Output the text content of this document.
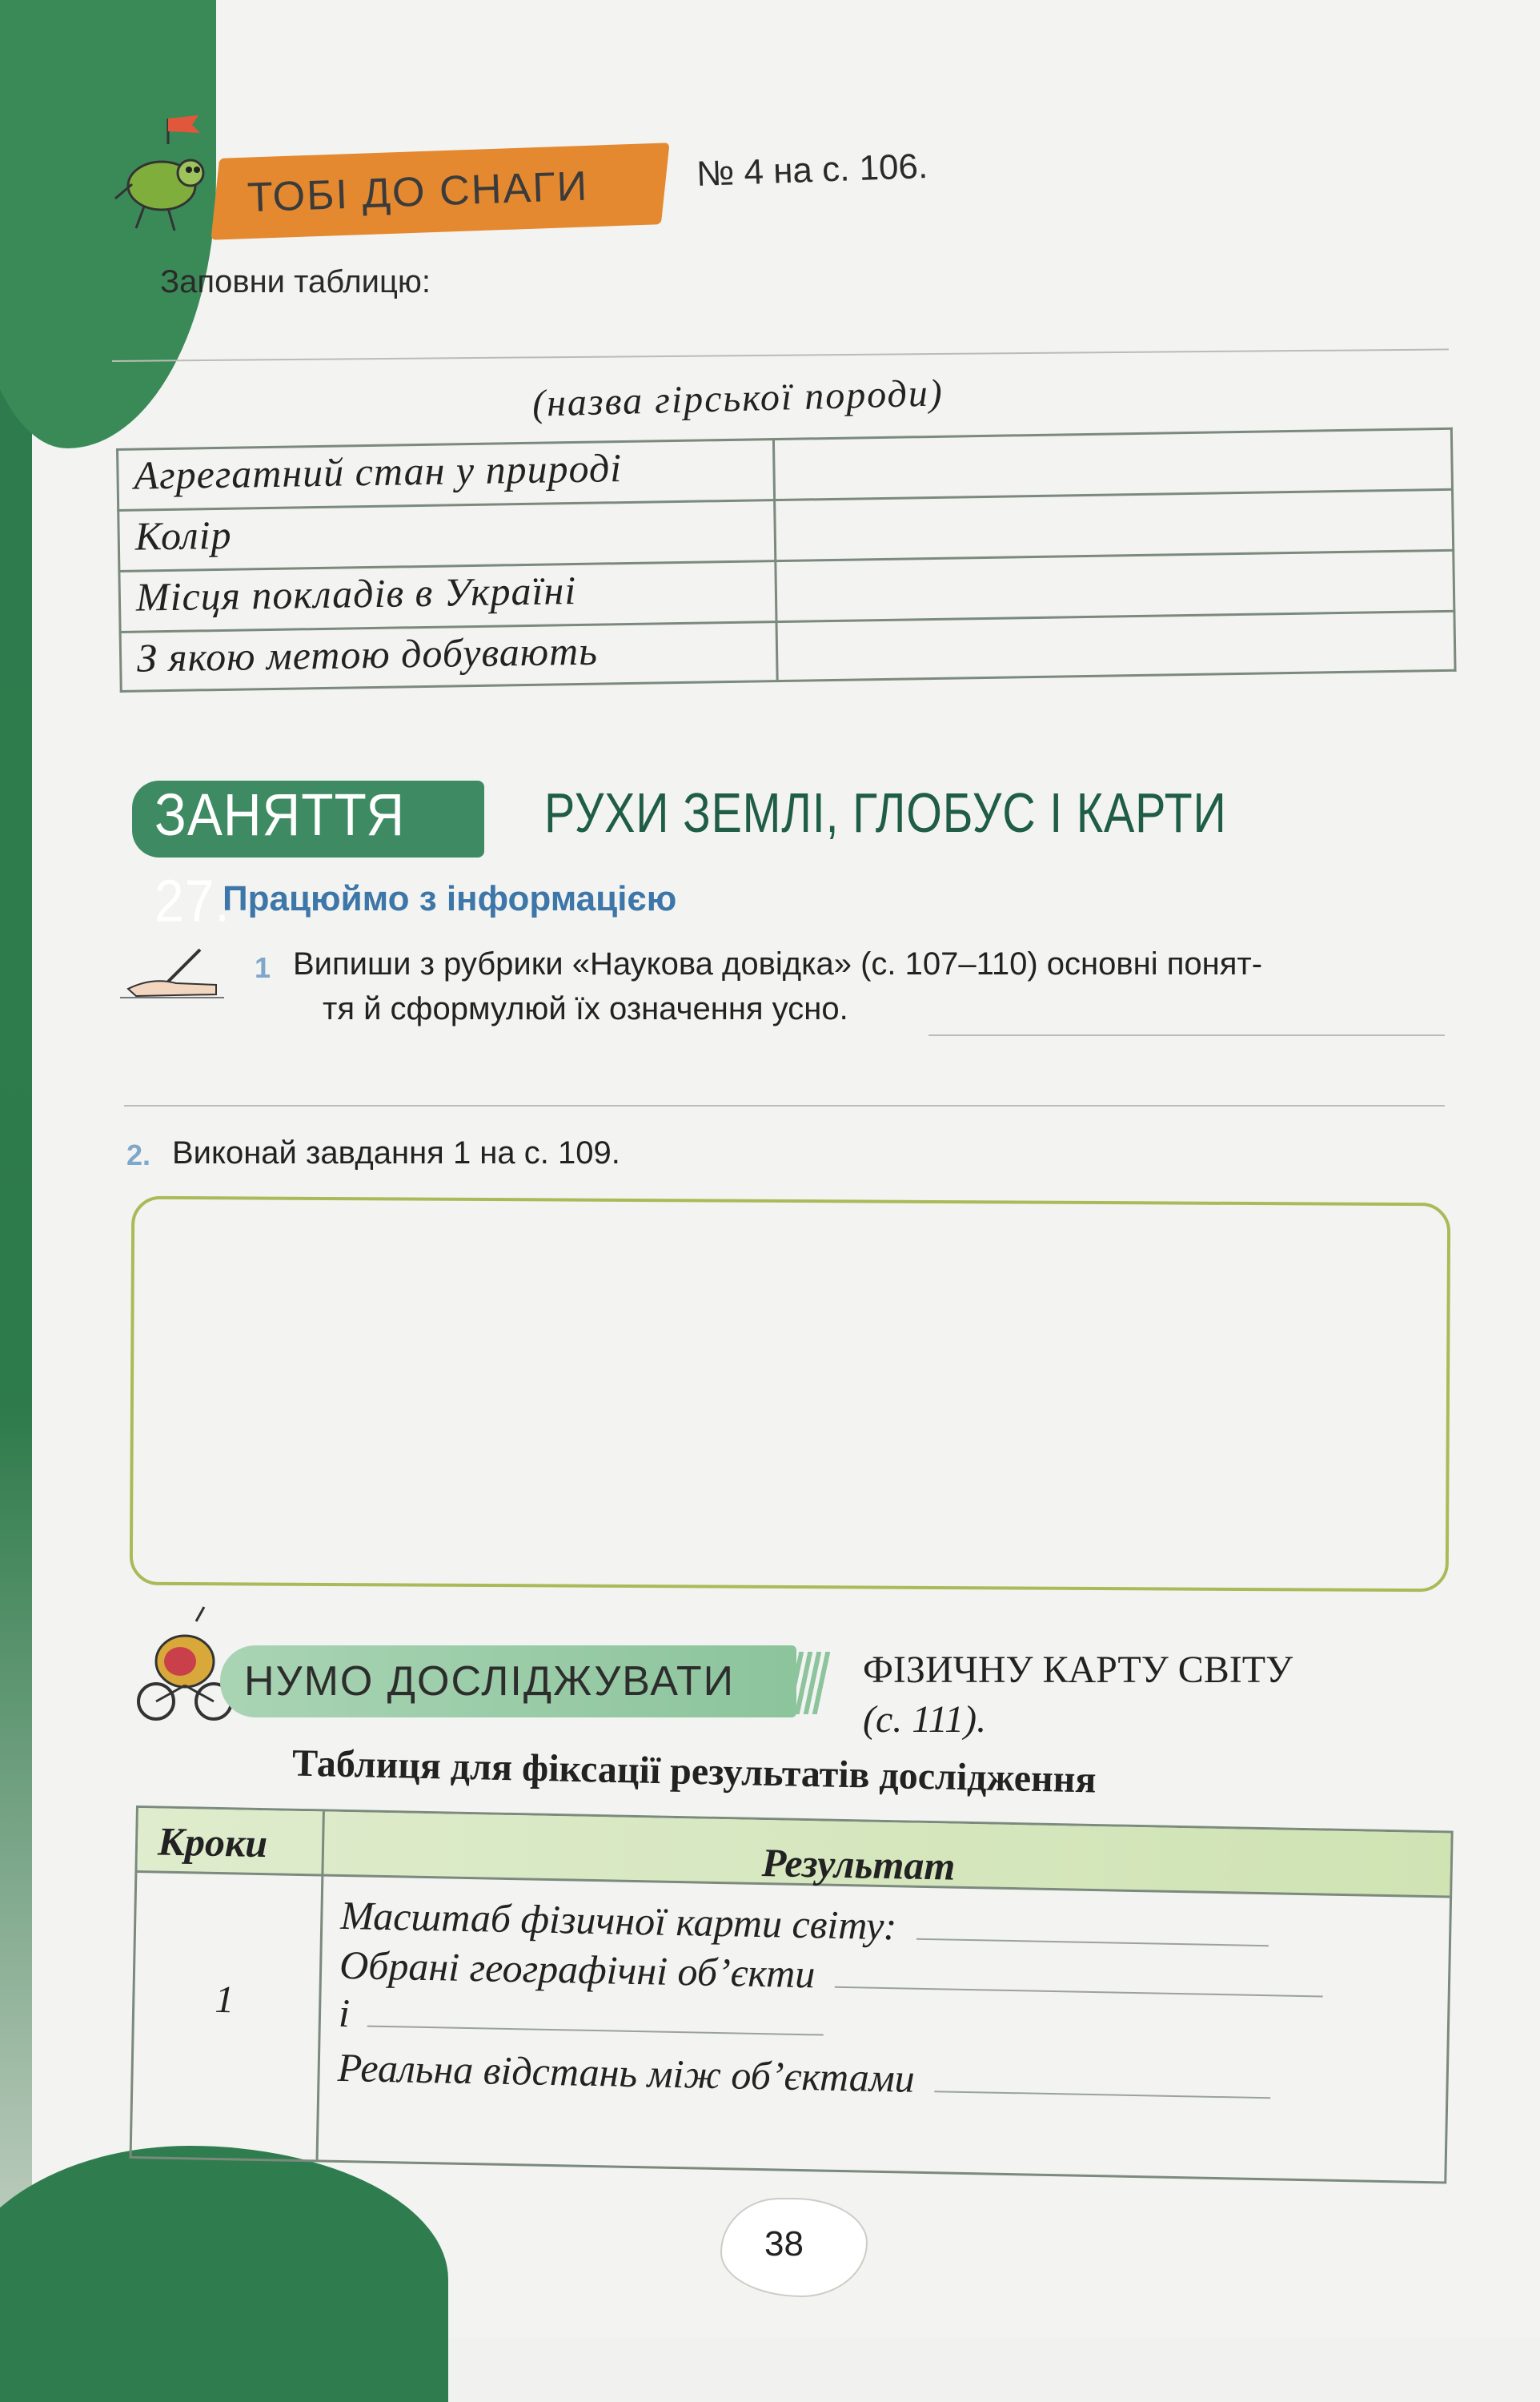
ТОБІ ДО СНАГИ	№ 4 на с. 106.
Заповни таблицю:
(назва гірської породи)
Агрегатний стан у природі
Колір
Місця покладів в Україні
З якою метою добувають
ЗАНЯТТЯ 27.
РУХИ ЗЕМЛІ, ГЛОБУС І КАРТИ
Працюймо з інформацією
1 Випиши з рубрики «Наукова довідка» (с. 107–110) основні понят-
тя й сформулюй їх означення усно.
2. Виконай завдання 1 на с. 109.
НУМО ДОСЛІДЖУВАТИ	ФІЗИЧНУ КАРТУ СВІТУ
(с. 111).
Таблиця для фіксації результатів дослідження
Кроки	Результат
1
Масштаб фізичної карти світу:
Обрані географічні об’єкти
і
Реальна відстань між об’єктами
38
